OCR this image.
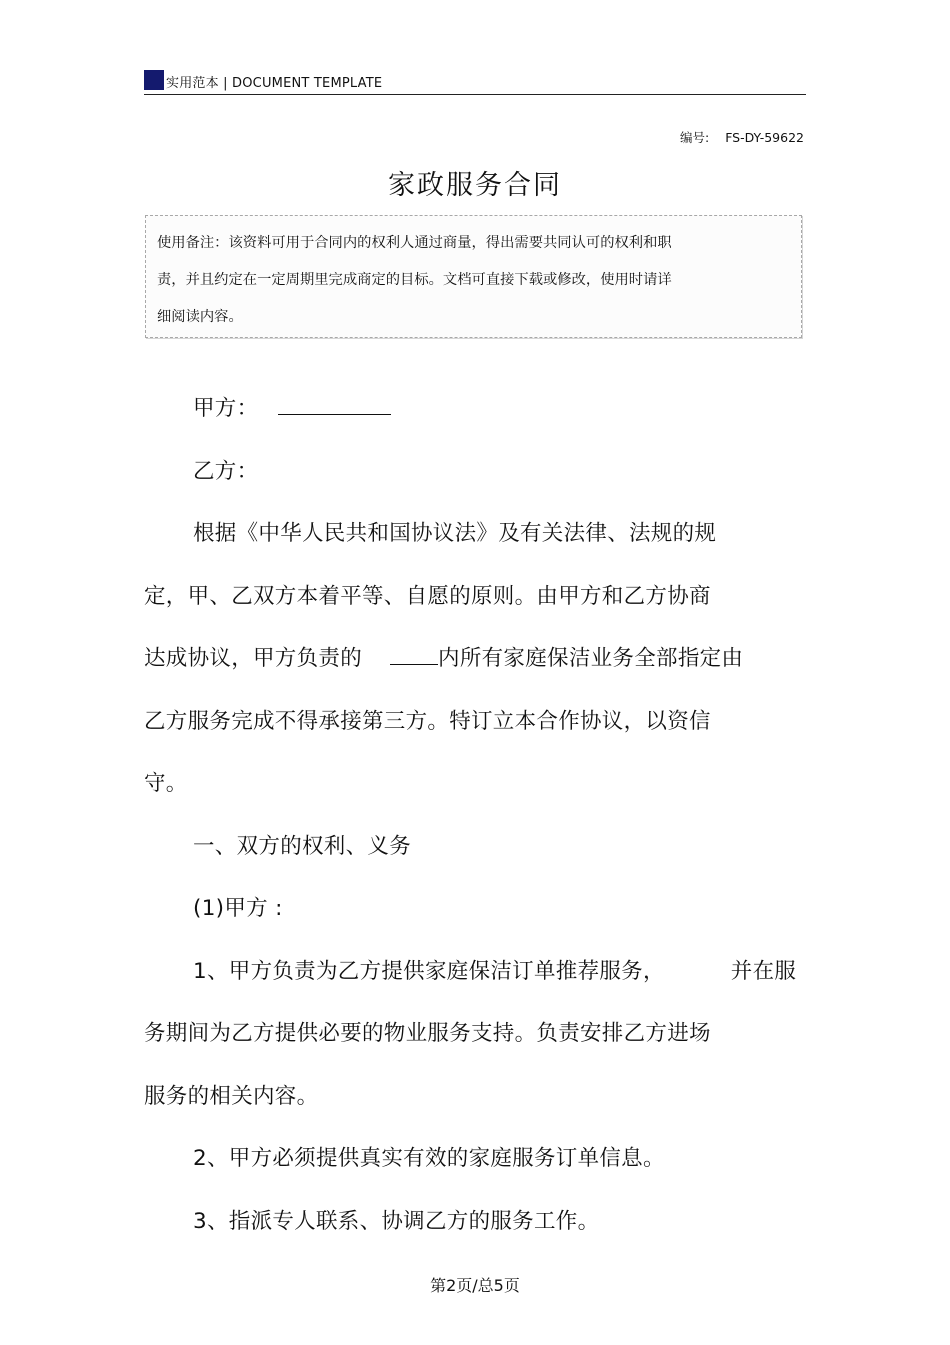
实用范本 | DOCUMENT TEMPLATE
编号: FS-DY-59622
家政服务合同
使用备注：该资料可用于合同内的权利人通过商量，得出需要共同认可的权利和职
责，并且约定在一定周期里完成商定的目标。文档可直接下载或修改，使用时请详
细阅读内容。
甲方：
乙方：
根据《中华人民共和国协议法》及有关法律、法规的规
定，甲、乙双方本着平等、自愿的原则。由甲方和乙方协商
达成协议，甲方负责的	内所有家庭保洁业务全部指定由
乙方服务完成不得承接第三方。特订立本合作协议，以资信
守。
一、双方的权利、义务
(1)甲方 :
1、甲方负责为乙方提供家庭保洁订单推荐服务，	并在服
务期间为乙方提供必要的物业服务支持。负责安排乙方进场
服务的相关内容。
2、甲方必须提供真实有效的家庭服务订单信息。
3、指派专人联系、协调乙方的服务工作。
第2页/总5页
